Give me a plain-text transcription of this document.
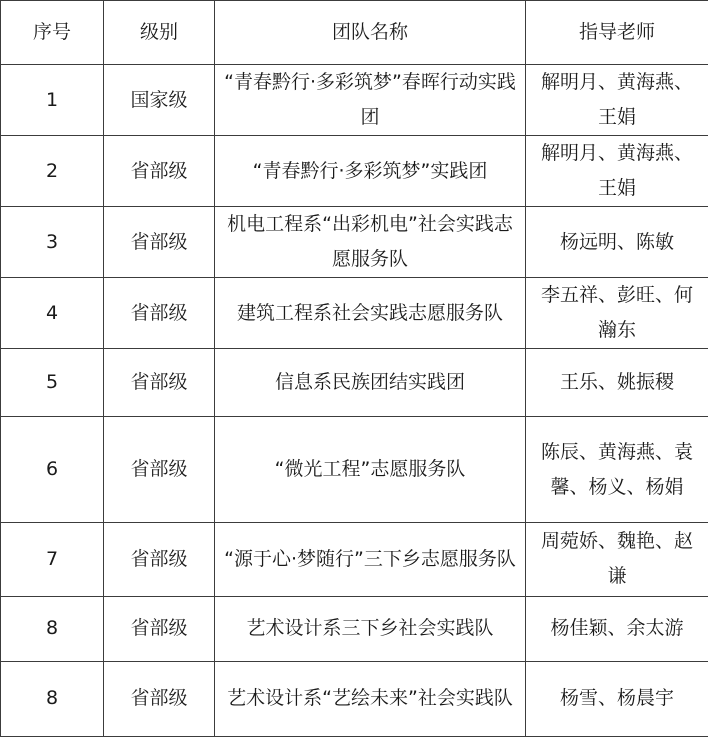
序号	级别	团队名称	指导老师
1	国家级	“青春黔行·多彩筑梦”春晖行动实践团	解明月、黄海燕、王娟
2	省部级	“青春黔行·多彩筑梦”实践团	解明月、黄海燕、王娟
3	省部级	机电工程系“出彩机电”社会实践志愿服务队	杨远明、陈敏
4	省部级	建筑工程系社会实践志愿服务队	李五祥、彭旺、何瀚东
5	省部级	信息系民族团结实践团	王乐、姚振稷
6	省部级	“微光工程”志愿服务队	陈辰、黄海燕、袁馨、杨义、杨娟
7	省部级	“源于心·梦随行”三下乡志愿服务队	周菀娇、魏艳、赵谦
8	省部级	艺术设计系三下乡社会实践队	杨佳颖、余太游
8	省部级	艺术设计系“艺绘未来”社会实践队	杨雪、杨晨宇
